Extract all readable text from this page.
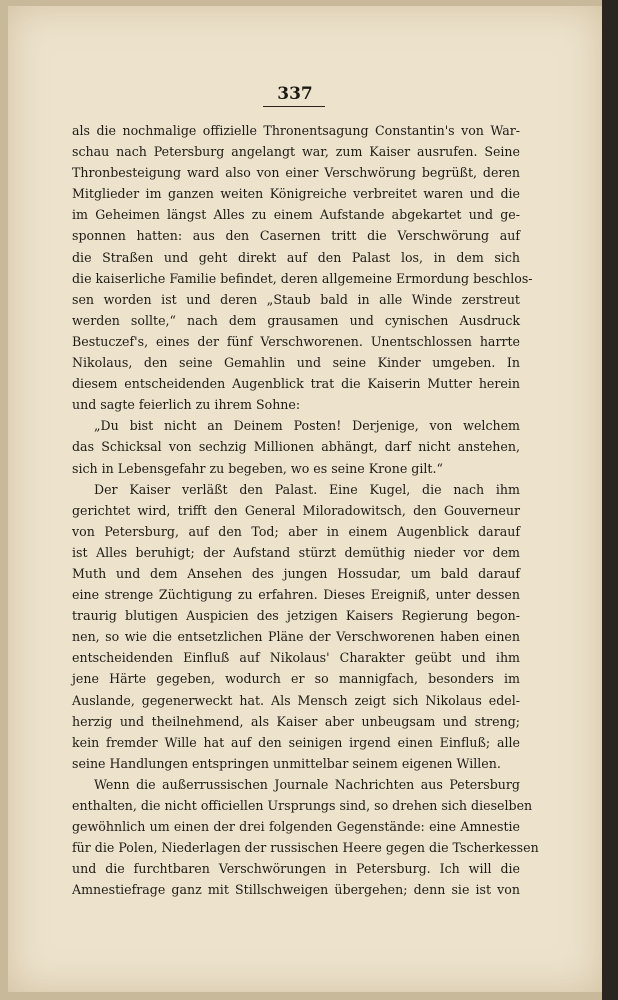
337
als die nochmalige offizielle Thronentsagung Constantin's von War-
schau nach Petersburg angelangt war, zum Kaiser ausrufen. Seine
Thronbesteigung ward also von einer Verschwörung begrüßt, deren
Mitglieder im ganzen weiten Königreiche verbreitet waren und die
im Geheimen längst Alles zu einem Aufstande abgekartet und ge-
sponnen hatten: aus den Casernen tritt die Verschwörung auf
die Straßen und geht direkt auf den Palast los, in dem sich
die kaiserliche Familie befindet, deren allgemeine Ermordung beschlos-
sen worden ist und deren „Staub bald in alle Winde zerstreut
werden sollte,“ nach dem grausamen und cynischen Ausdruck
Bestuczef's, eines der fünf Verschworenen. Unentschlossen harrte
Nikolaus, den seine Gemahlin und seine Kinder umgeben. In
diesem entscheidenden Augenblick trat die Kaiserin Mutter herein
und sagte feierlich zu ihrem Sohne:
„Du bist nicht an Deinem Posten! Derjenige, von welchem
das Schicksal von sechzig Millionen abhängt, darf nicht anstehen,
sich in Lebensgefahr zu begeben, wo es seine Krone gilt.“
Der Kaiser verläßt den Palast. Eine Kugel, die nach ihm
gerichtet wird, trifft den General Miloradowitsch, den Gouverneur
von Petersburg, auf den Tod; aber in einem Augenblick darauf
ist Alles beruhigt; der Aufstand stürzt demüthig nieder vor dem
Muth und dem Ansehen des jungen Hossudar, um bald darauf
eine strenge Züchtigung zu erfahren. Dieses Ereigniß, unter dessen
traurig blutigen Auspicien des jetzigen Kaisers Regierung begon-
nen, so wie die entsetzlichen Pläne der Verschworenen haben einen
entscheidenden Einfluß auf Nikolaus' Charakter geübt und ihm
jene Härte gegeben, wodurch er so mannigfach, besonders im
Auslande, gegenerweckt hat. Als Mensch zeigt sich Nikolaus edel-
herzig und theilnehmend, als Kaiser aber unbeugsam und streng;
kein fremder Wille hat auf den seinigen irgend einen Einfluß; alle
seine Handlungen entspringen unmittelbar seinem eigenen Willen.
Wenn die außerrussischen Journale Nachrichten aus Petersburg
enthalten, die nicht officiellen Ursprungs sind, so drehen sich dieselben
gewöhnlich um einen der drei folgenden Gegenstände: eine Amnestie
für die Polen, Niederlagen der russischen Heere gegen die Tscherkessen
und die furchtbaren Verschwörungen in Petersburg. Ich will die
Amnestiefrage ganz mit Stillschweigen übergehen; denn sie ist von
